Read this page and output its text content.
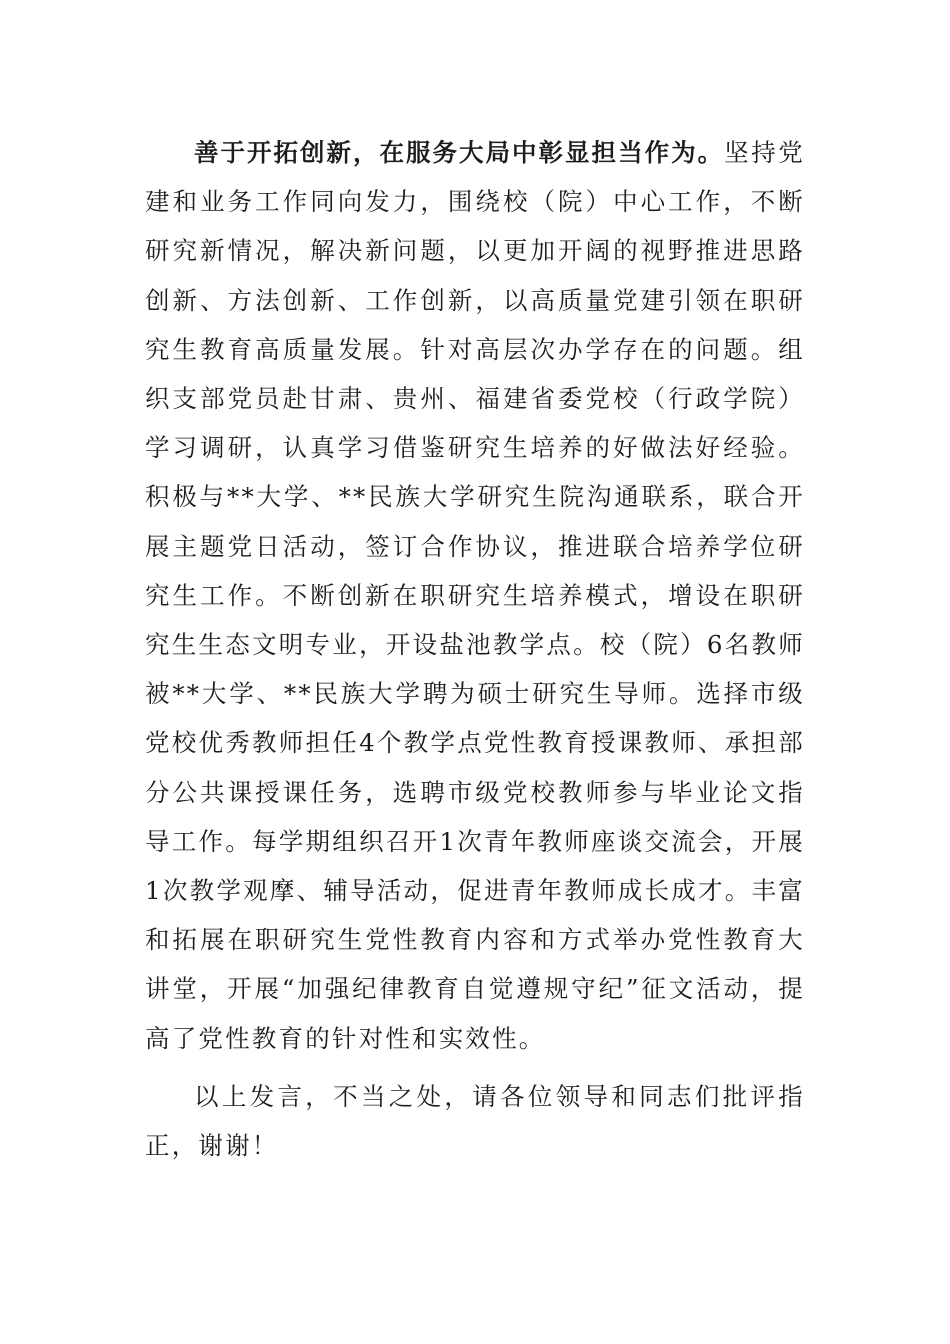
善于开拓创新，在服务大局中彰显担当作为。坚持党建和业务工作同向发力，围绕校（院）中心工作，不断研究新情况，解决新问题，以更加开阔的视野推进思路创新、方法创新、工作创新，以高质量党建引领在职研究生教育高质量发展。针对高层次办学存在的问题。组织支部党员赴甘肃、贵州、福建省委党校（行政学院）学习调研，认真学习借鉴研究生培养的好做法好经验。积极与**大学、**民族大学研究生院沟通联系，联合开展主题党日活动，签订合作协议，推进联合培养学位研究生工作。不断创新在职研究生培养模式，增设在职研究生生态文明专业，开设盐池教学点。校（院）6名教师被**大学、**民族大学聘为硕士研究生导师。选择市级党校优秀教师担任4个教学点党性教育授课教师、承担部分公共课授课任务，选聘市级党校教师参与毕业论文指导工作。每学期组织召开1次青年教师座谈交流会，开展1次教学观摩、辅导活动，促进青年教师成长成才。丰富和拓展在职研究生党性教育内容和方式举办党性教育大讲堂，开展“加强纪律教育自觉遵规守纪”征文活动，提高了党性教育的针对性和实效性。

以上发言，不当之处，请各位领导和同志们批评指正，谢谢！
